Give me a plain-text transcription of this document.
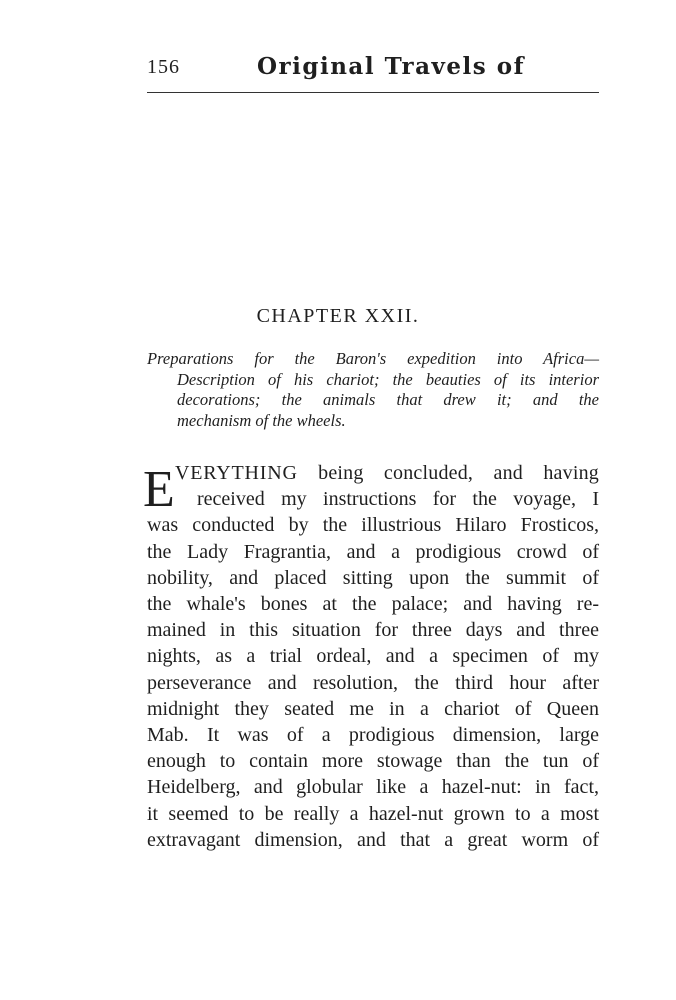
156	Original Travels of
CHAPTER XXII.
Preparations for the Baron's expedition into Africa—
Description of his chariot; the beauties of its interior
decorations; the animals that drew it; and the
mechanism of the wheels.
E VERYTHING being concluded, and having
received my instructions for the voyage, I
was conducted by the illustrious Hilaro Frosticos,
the Lady Fragrantia, and a prodigious crowd of
nobility, and placed sitting upon the summit of
the whale's bones at the palace; and having re-
mained in this situation for three days and three
nights, as a trial ordeal, and a specimen of my
perseverance and resolution, the third hour after
midnight they seated me in a chariot of Queen
Mab. It was of a prodigious dimension, large
enough to contain more stowage than the tun of
Heidelberg, and globular like a hazel-nut: in fact,
it seemed to be really a hazel-nut grown to a most
extravagant dimension, and that a great worm of
